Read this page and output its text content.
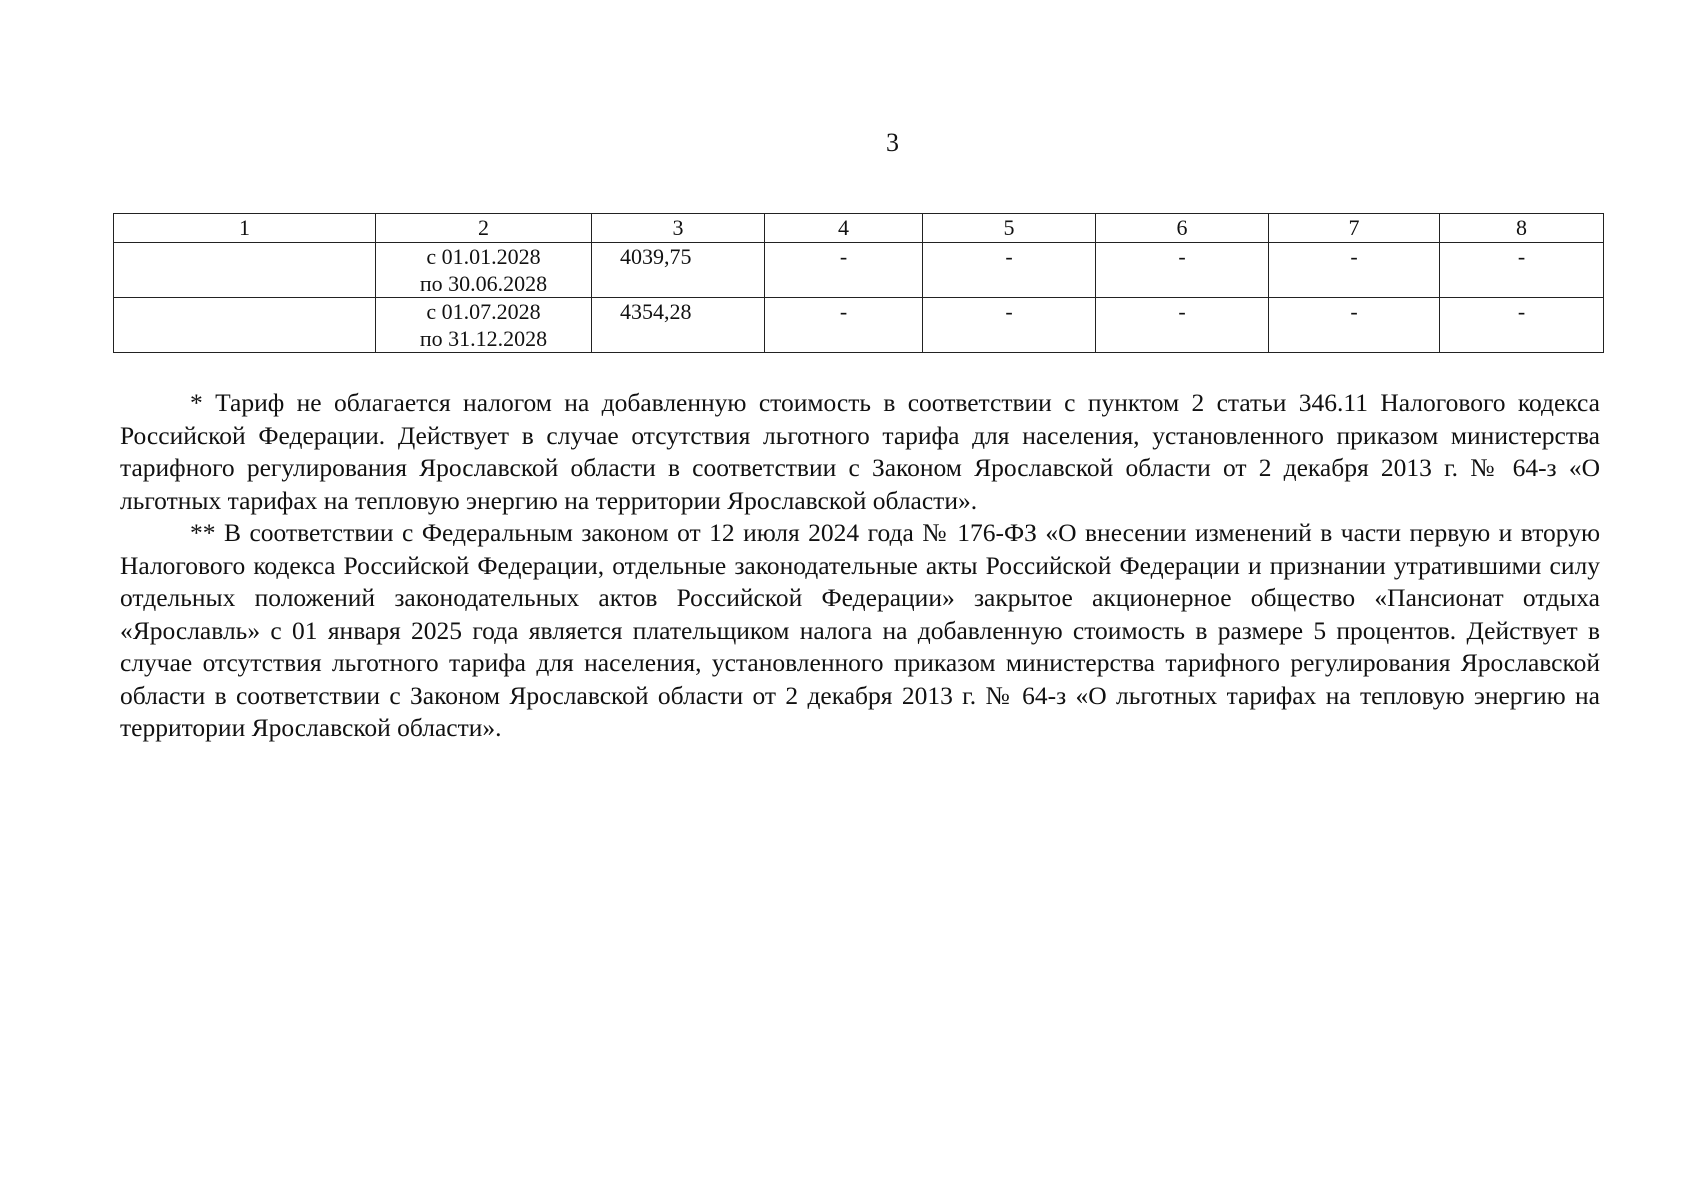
3
1	2	3	4	5	6	7	8

	с 01.01.2028
по 30.06.2028	4039,75	-	-	-	-	-

	с 01.07.2028
по 31.12.2028	4354,28	-	-	-	-	-

* Тариф не облагается налогом на добавленную стоимость в соответствии с пунктом 2 статьи 346.11 Налогового кодекса Российской Федерации. Действует в случае отсутствия льготного тарифа для населения, установленного приказом министерства тарифного регулирования Ярославской области в соответствии с Законом Ярославской области от 2 декабря 2013 г. № 64-з «О льготных тарифах на тепловую энергию на территории Ярославской области».

** В соответствии с Федеральным законом от 12 июля 2024 года № 176-ФЗ «О внесении изменений в части первую и вторую Налогового кодекса Российской Федерации, отдельные законодательные акты Российской Федерации и признании утратившими силу отдельных положений законодательных актов Российской Федерации» закрытое акционерное общество «Пансионат отдыха «Ярославль» с 01 января 2025 года является плательщиком налога на добавленную стоимость в размере 5 процентов. Действует в случае отсутствия льготного тарифа для населения, установленного приказом министерства тарифного регулирования Ярославской области в соответствии с Законом Ярославской области от 2 декабря 2013 г. № 64-з «О льготных тарифах на тепловую энергию на территории Ярославской области».
